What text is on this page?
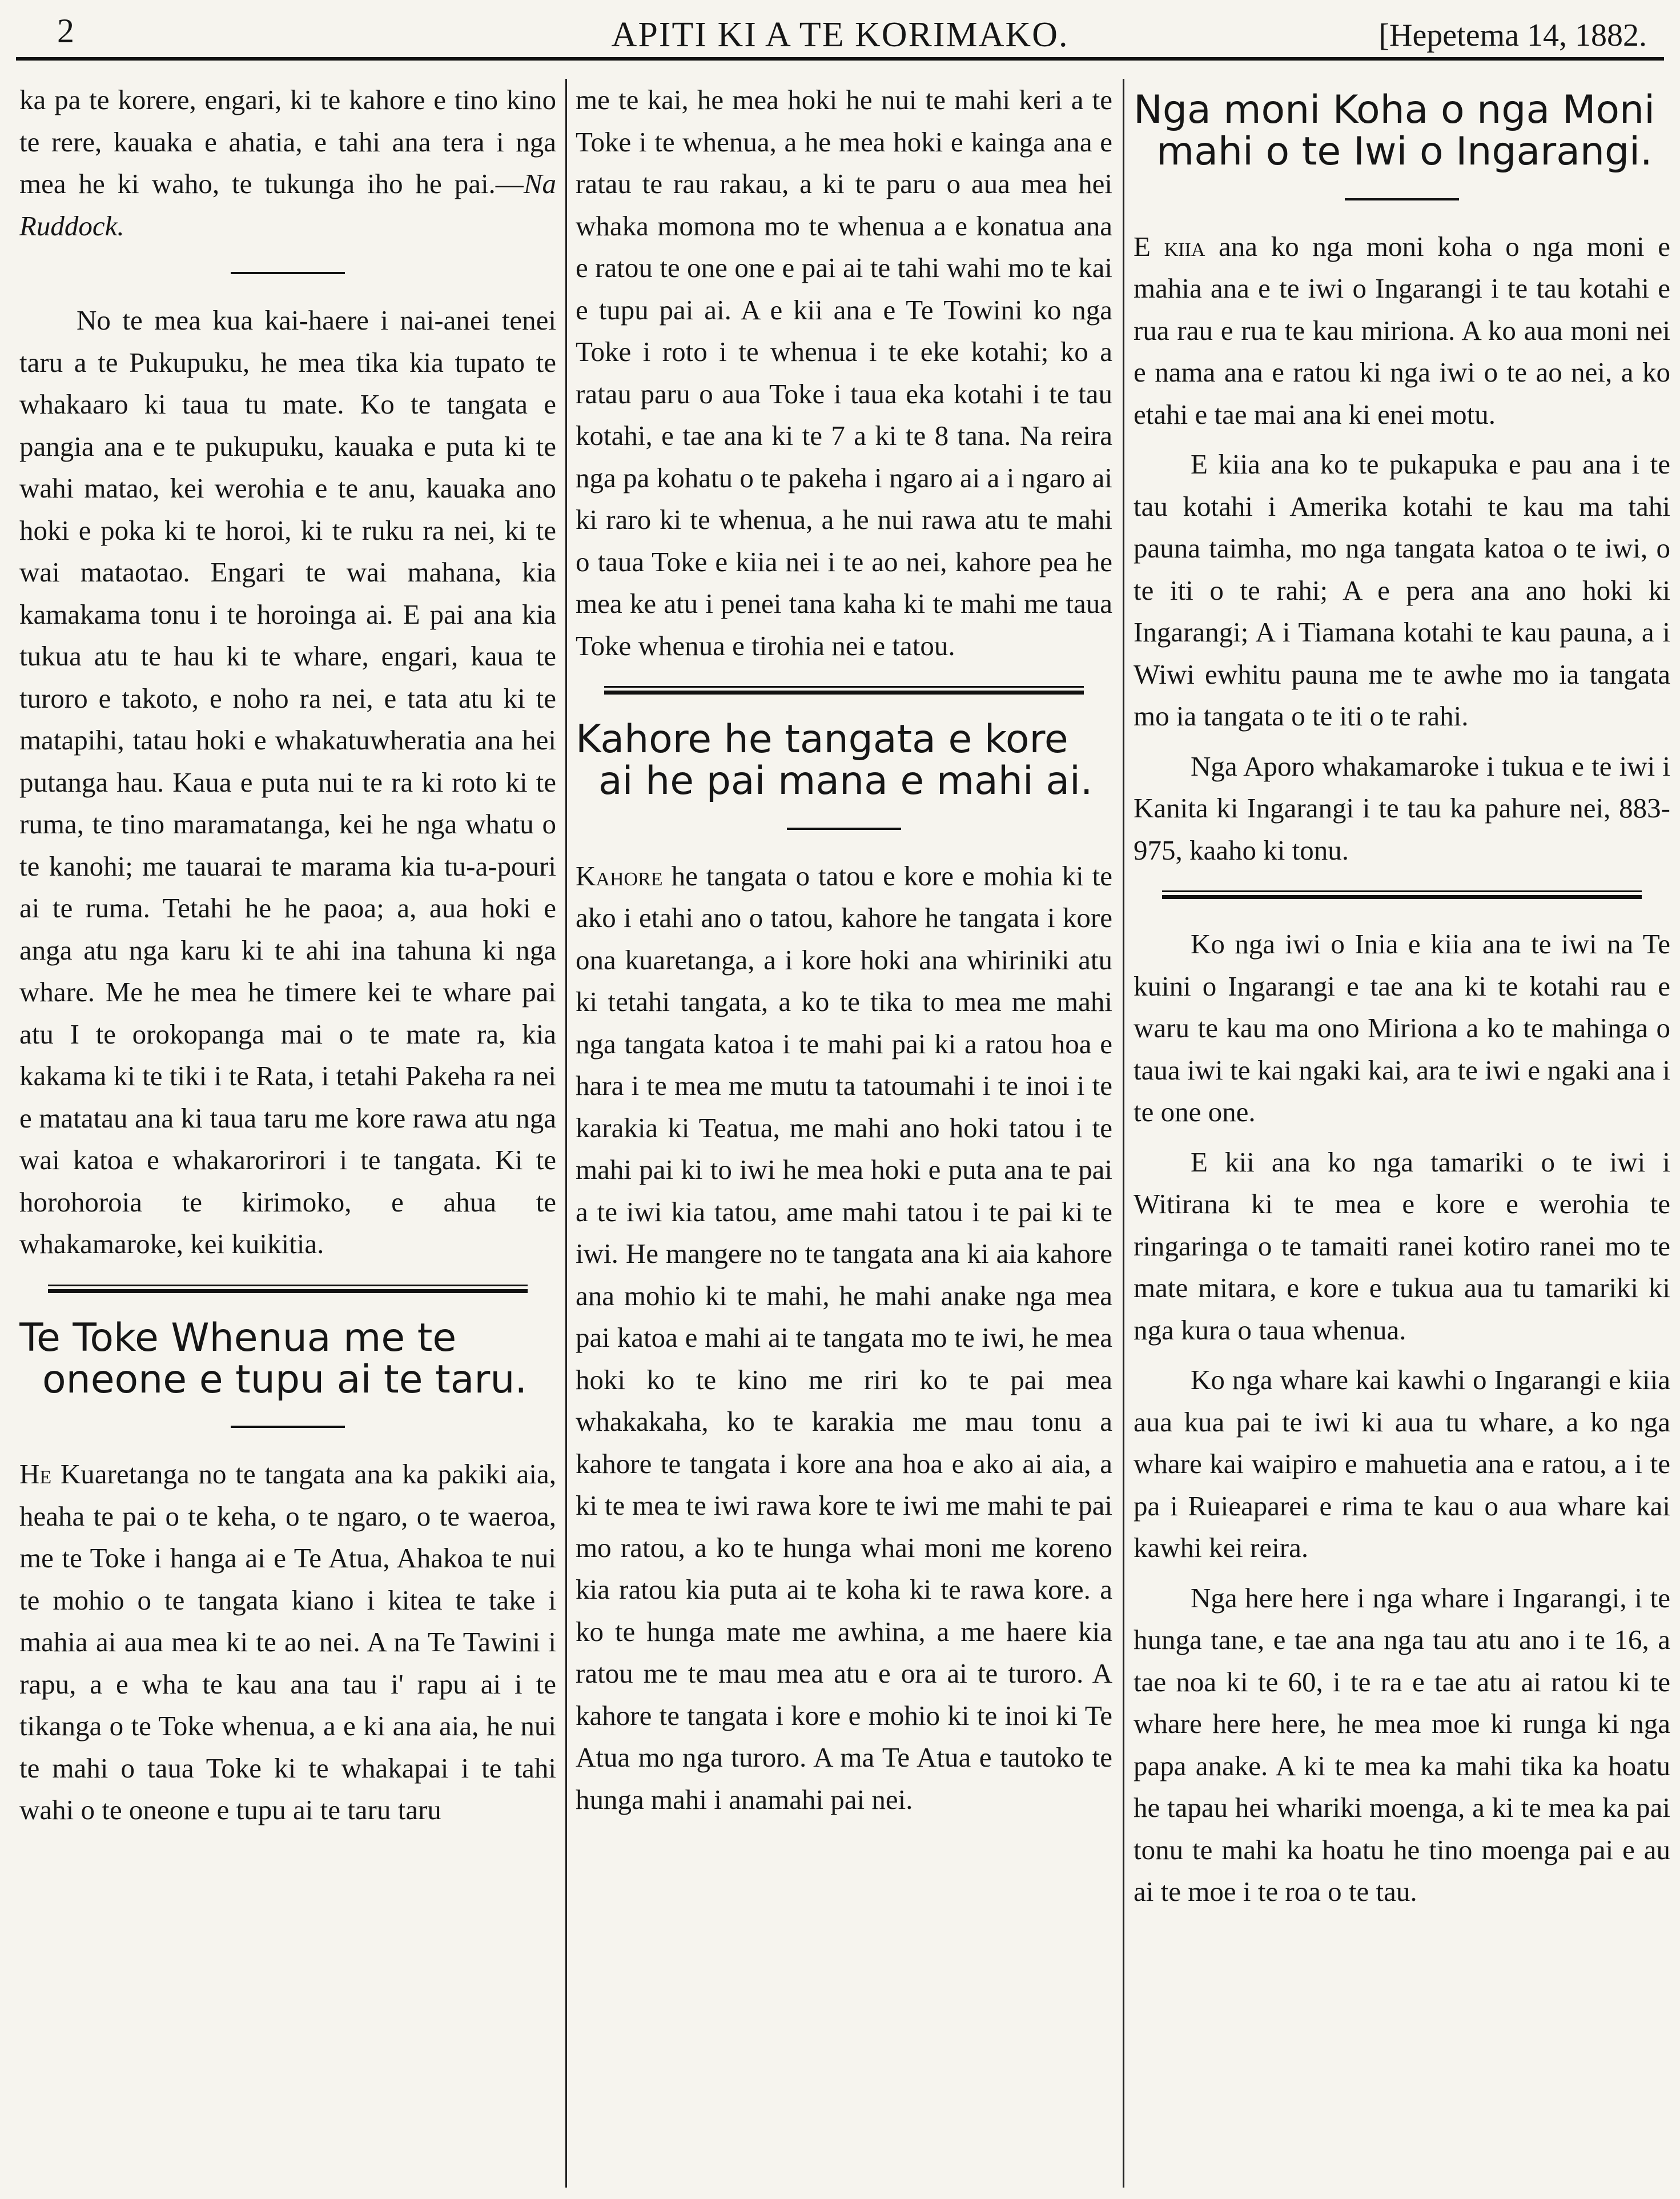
2	APITI KI A TE KORIMAKO.	[Hepetema 14, 1882.

ka pa te korere, engari, ki te kahore e tino kino te rere, kauaka e ahatia, e tahi ana tera i nga mea he ki waho, te tukunga iho he pai.—Na Ruddock.

No te mea kua kai-haere i nai-anei tenei taru a te Pukupuku, he mea tika kia tupato te whakaaro ki taua tu mate. Ko te tangata e pangia ana e te pukupuku, kauaka e puta ki te wahi matao, kei werohia e te anu, kauaka ano hoki e poka ki te horoi, ki te ruku ra nei, ki te wai mataotao. Engari te wai mahana, kia kamakama tonu i te horoinga ai. E pai ana kia tukua atu te hau ki te whare, engari, kaua te turoro e takoto, e noho ra nei, e tata atu ki te matapihi, tatau hoki e whakatuwheratia ana hei putanga hau. Kaua e puta nui te ra ki roto ki te ruma, te tino maramatanga, kei he nga whatu o te kanohi; me tauarai te marama kia tu-a-pouri ai te ruma. Tetahi he he paoa; a, aua hoki e anga atu nga karu ki te ahi ina tahuna ki nga whare. Me he mea he timere kei te whare pai atu I te orokopanga mai o te mate ra, kia kakama ki te tiki i te Rata, i tetahi Pakeha ra nei e matatau ana ki taua taru me kore rawa atu nga wai katoa e whakarorirori i te tangata. Ki te horohoroia te kirimoko, e ahua te whakamaroke, kei kuikitia.

Te Toke Whenua me te oneone e tupu ai te taru.

He Kuaretanga no te tangata ana ka pakiki aia, heaha te pai o te keha, o te ngaro, o te waeroa, me te Toke i hanga ai e Te Atua, Ahakoa te nui te mohio o te tangata kiano i kitea te take i mahia ai aua mea ki te ao nei. A na Te Tawini i rapu, a e wha te kau ana tau i' rapu ai i te tikanga o te Toke whenua, a e ki ana aia, he nui te mahi o taua Toke ki te whakapai i te tahi wahi o te oneone e tupu ai te taru taru

me te kai, he mea hoki he nui te mahi keri a te Toke i te whenua, a he mea hoki e kainga ana e ratau te rau rakau, a ki te paru o aua mea hei whaka momona mo te whenua a e konatua ana e ratou te one one e pai ai te tahi wahi mo te kai e tupu pai ai. A e kii ana e Te Towini ko nga Toke i roto i te whenua i te eke kotahi; ko a ratau paru o aua Toke i taua eka kotahi i te tau kotahi, e tae ana ki te 7 a ki te 8 tana. Na reira nga pa kohatu o te pakeha i ngaro ai a i ngaro ai ki raro ki te whenua, a he nui rawa atu te mahi o taua Toke e kiia nei i te ao nei, kahore pea he mea ke atu i penei tana kaha ki te mahi me taua Toke whenua e tirohia nei e tatou.

Kahore he tangata e kore ai he pai mana e mahi ai.

Kahore he tangata o tatou e kore e mohia ki te ako i etahi ano o tatou, kahore he tangata i kore ona kuaretanga, a i kore hoki ana whiriniki atu ki tetahi tangata, a ko te tika to mea me mahi nga tangata katoa i te mahi pai ki a ratou hoa e hara i te mea me mutu ta tatoumahi i te inoi i te karakia ki Teatua, me mahi ano hoki tatou i te mahi pai ki to iwi he mea hoki e puta ana te pai a te iwi kia tatou, ame mahi tatou i te pai ki te iwi. He mangere no te tangata ana ki aia kahore ana mohio ki te mahi, he mahi anake nga mea pai katoa e mahi ai te tangata mo te iwi, he mea hoki ko te kino me riri ko te pai mea whakakaha, ko te karakia me mau tonu a kahore te tangata i kore ana hoa e ako ai aia, a ki te mea te iwi rawa kore te iwi me mahi te pai mo ratou, a ko te hunga whai moni me koreno kia ratou kia puta ai te koha ki te rawa kore. a ko te hunga mate me awhina, a me haere kia ratou me te mau mea atu e ora ai te turoro. A kahore te tangata i kore e mohio ki te inoi ki Te Atua mo nga turoro. A ma Te Atua e tautoko te hunga mahi i anamahi pai nei.

Nga moni Koha o nga Moni mahi o te Iwi o Ingarangi.

E kiia ana ko nga moni koha o nga moni e mahia ana e te iwi o Ingarangi i te tau kotahi e rua rau e rua te kau miriona. A ko aua moni nei e nama ana e ratou ki nga iwi o te ao nei, a ko etahi e tae mai ana ki enei motu.

E kiia ana ko te pukapuka e pau ana i te tau kotahi i Amerika kotahi te kau ma tahi pauna taimha, mo nga tangata katoa o te iwi, o te iti o te rahi; A e pera ana ano hoki ki Ingarangi; A i Tiamana kotahi te kau pauna, a i Wiwi ewhitu pauna me te awhe mo ia tangata mo ia tangata o te iti o te rahi.

Nga Aporo whakamaroke i tukua e te iwi i Kanita ki Ingarangi i te tau ka pahure nei, 883-975, kaaho ki tonu.

Ko nga iwi o Inia e kiia ana te iwi na Te kuini o Ingarangi e tae ana ki te kotahi rau e waru te kau ma ono Miriona a ko te mahinga o taua iwi te kai ngaki kai, ara te iwi e ngaki ana i te one one.

E kii ana ko nga tamariki o te iwi i Witirana ki te mea e kore e werohia te ringaringa o te tamaiti ranei kotiro ranei mo te mate mitara, e kore e tukua aua tu tamariki ki nga kura o taua whenua.

Ko nga whare kai kawhi o Ingarangi e kiia aua kua pai te iwi ki aua tu whare, a ko nga whare kai waipiro e mahuetia ana e ratou, a i te pa i Ruieaparei e rima te kau o aua whare kai kawhi kei reira.

Nga here here i nga whare i Ingarangi, i te hunga tane, e tae ana nga tau atu ano i te 16, a tae noa ki te 60, i te ra e tae atu ai ratou ki te whare here here, he mea moe ki runga ki nga papa anake. A ki te mea ka mahi tika ka hoatu he tapau hei whariki moenga, a ki te mea ka pai tonu te mahi ka hoatu he tino moenga pai e au ai te moe i te roa o te tau.
